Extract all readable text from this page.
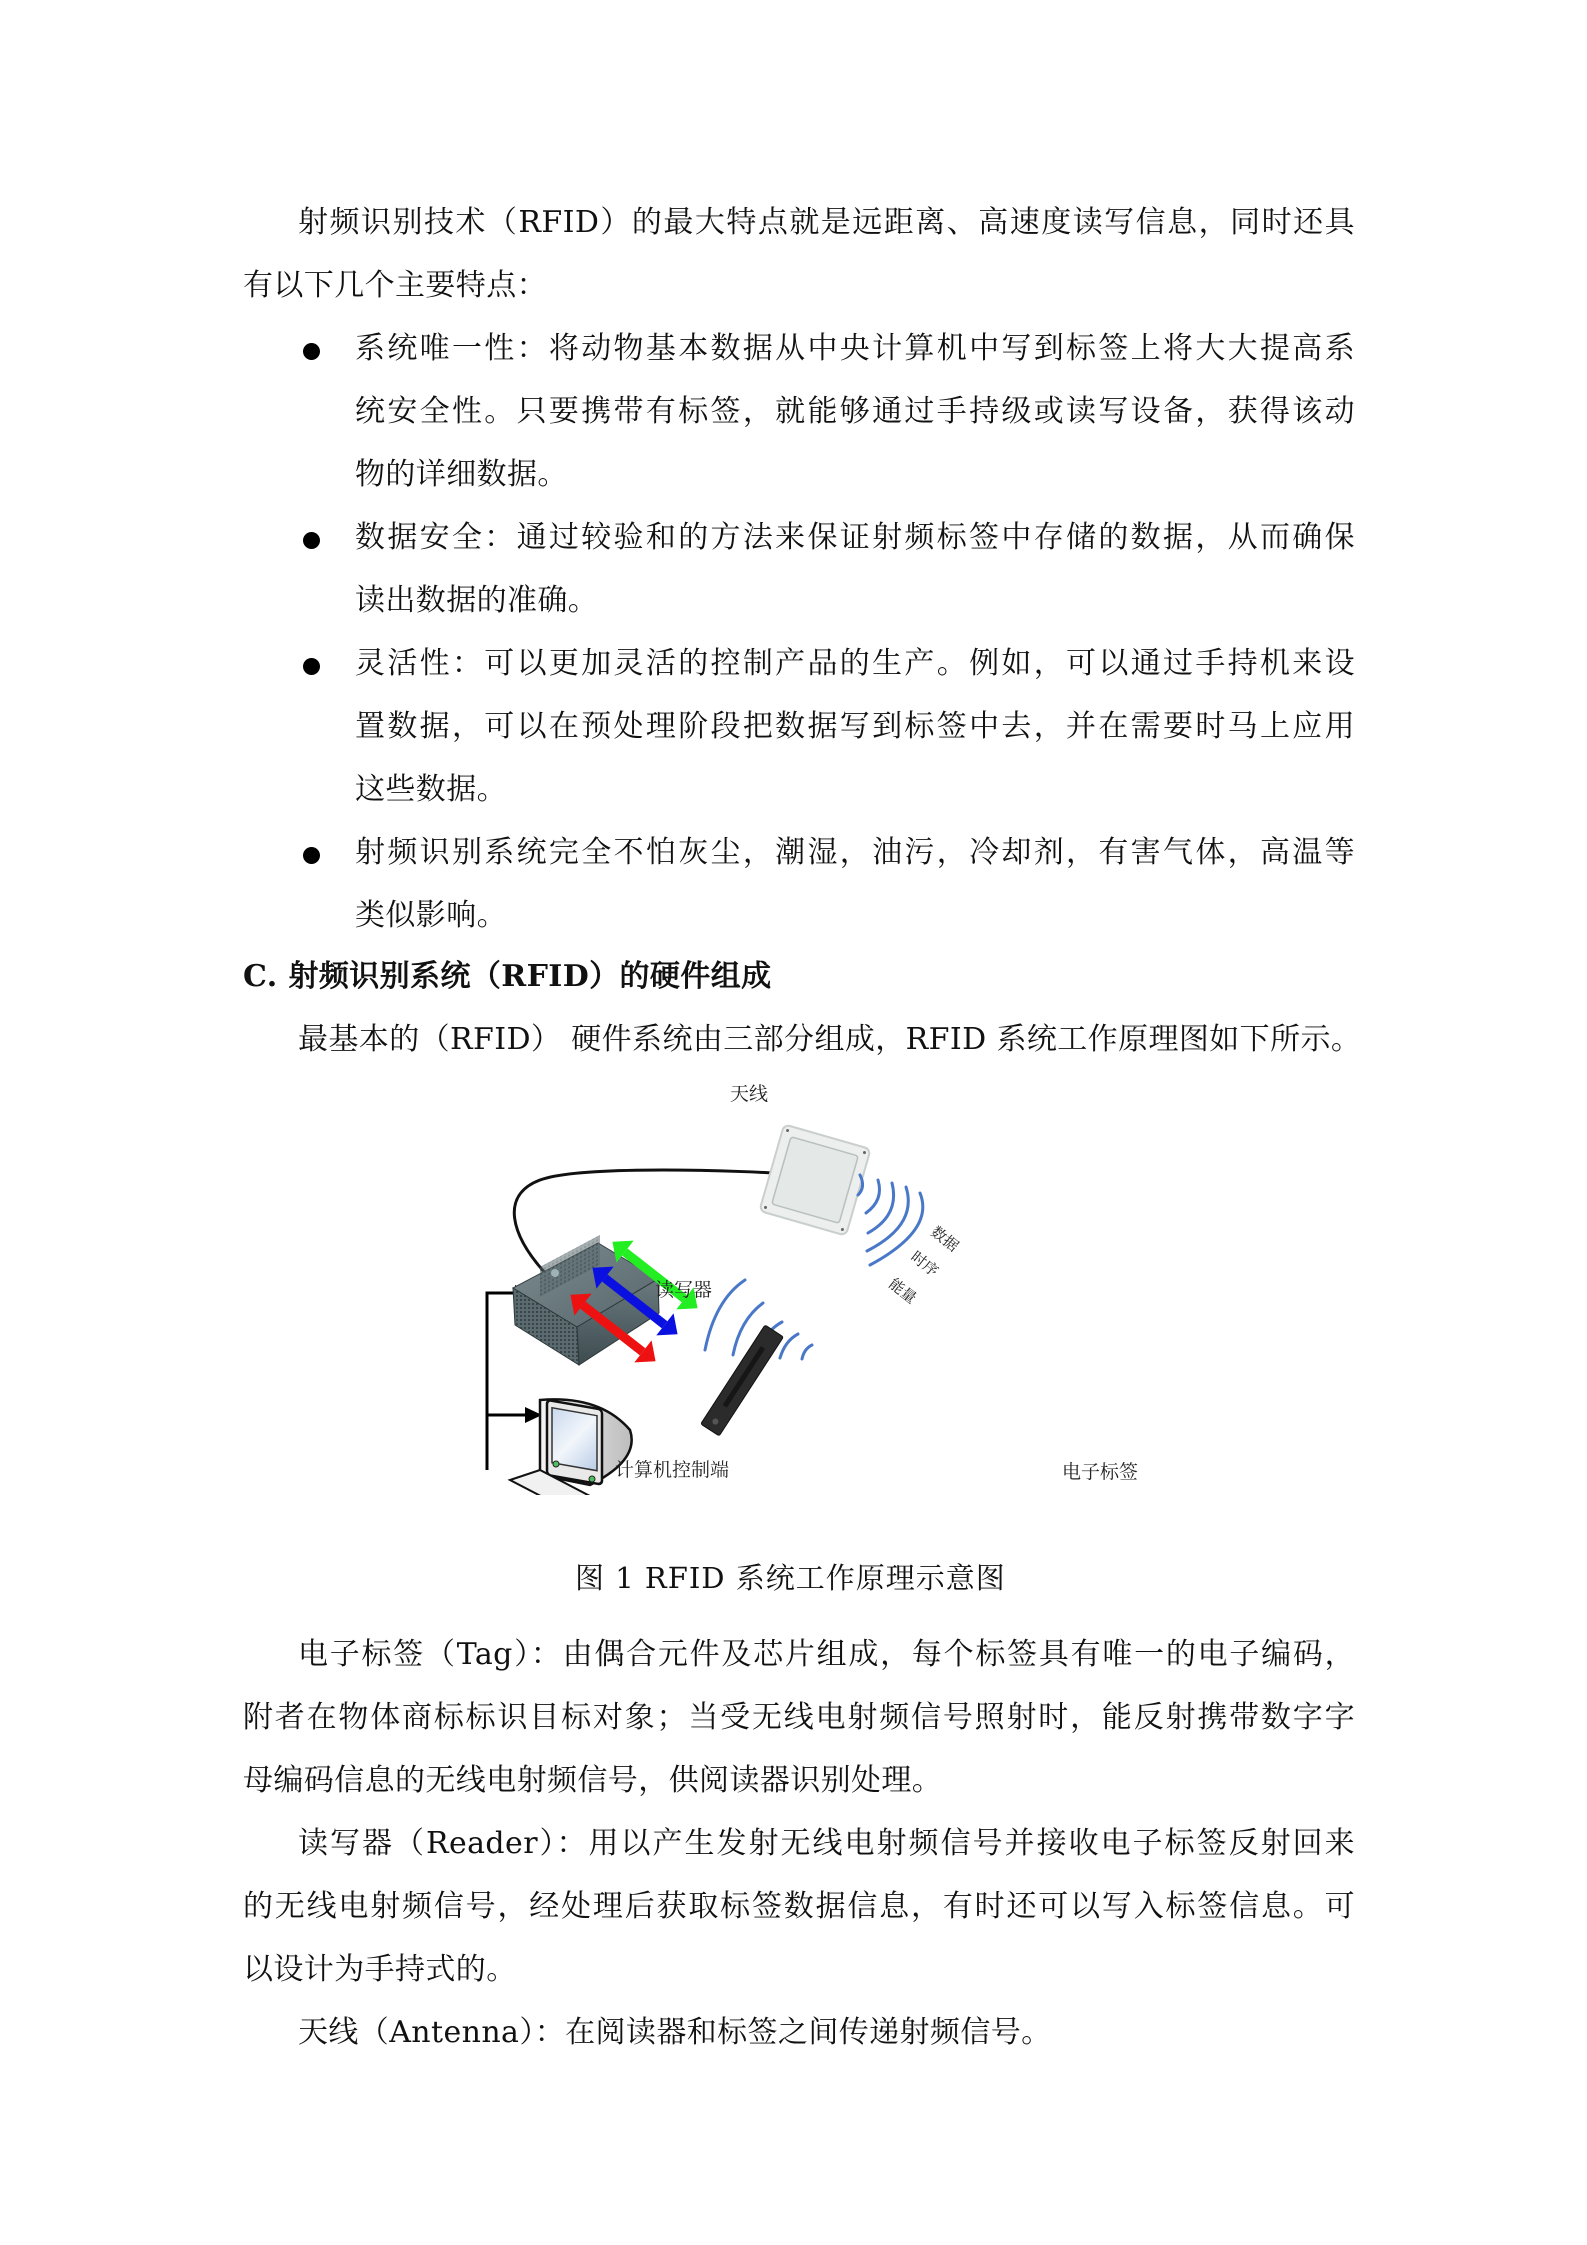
射频识别技术（RFID）的最大特点就是远距离、高速度读写信息，同时还具
有以下几个主要特点：
系统唯一性：将动物基本数据从中央计算机中写到标签上将大大提高系
统安全性。只要携带有标签，就能够通过手持级或读写设备，获得该动
物的详细数据。
数据安全：通过较验和的方法来保证射频标签中存储的数据，从而确保
读出数据的准确。
灵活性：可以更加灵活的控制产品的生产。例如，可以通过手持机来设
置数据，可以在预处理阶段把数据写到标签中去，并在需要时马上应用
这些数据。
射频识别系统完全不怕灰尘，潮湿，油污，冷却剂，有害气体，高温等
类似影响。
C. 射频识别系统（RFID）的硬件组成
最基本的（RFID） 硬件系统由三部分组成，RFID 系统工作原理图如下所示。
电子标签（Tag）：由偶合元件及芯片组成，每个标签具有唯一的电子编码，
附者在物体商标标识目标对象；当受无线电射频信号照射时，能反射携带数字字
母编码信息的无线电射频信号，供阅读器识别处理。
读写器（Reader）：用以产生发射无线电射频信号并接收电子标签反射回来
的无线电射频信号，经处理后获取标签数据信息，有时还可以写入标签信息。可
以设计为手持式的。
天线（Antenna）：在阅读器和标签之间传递射频信号。
天线
读写器
计算机控制端	电子标签
数据
时序
能量
图 1 RFID 系统工作原理示意图
